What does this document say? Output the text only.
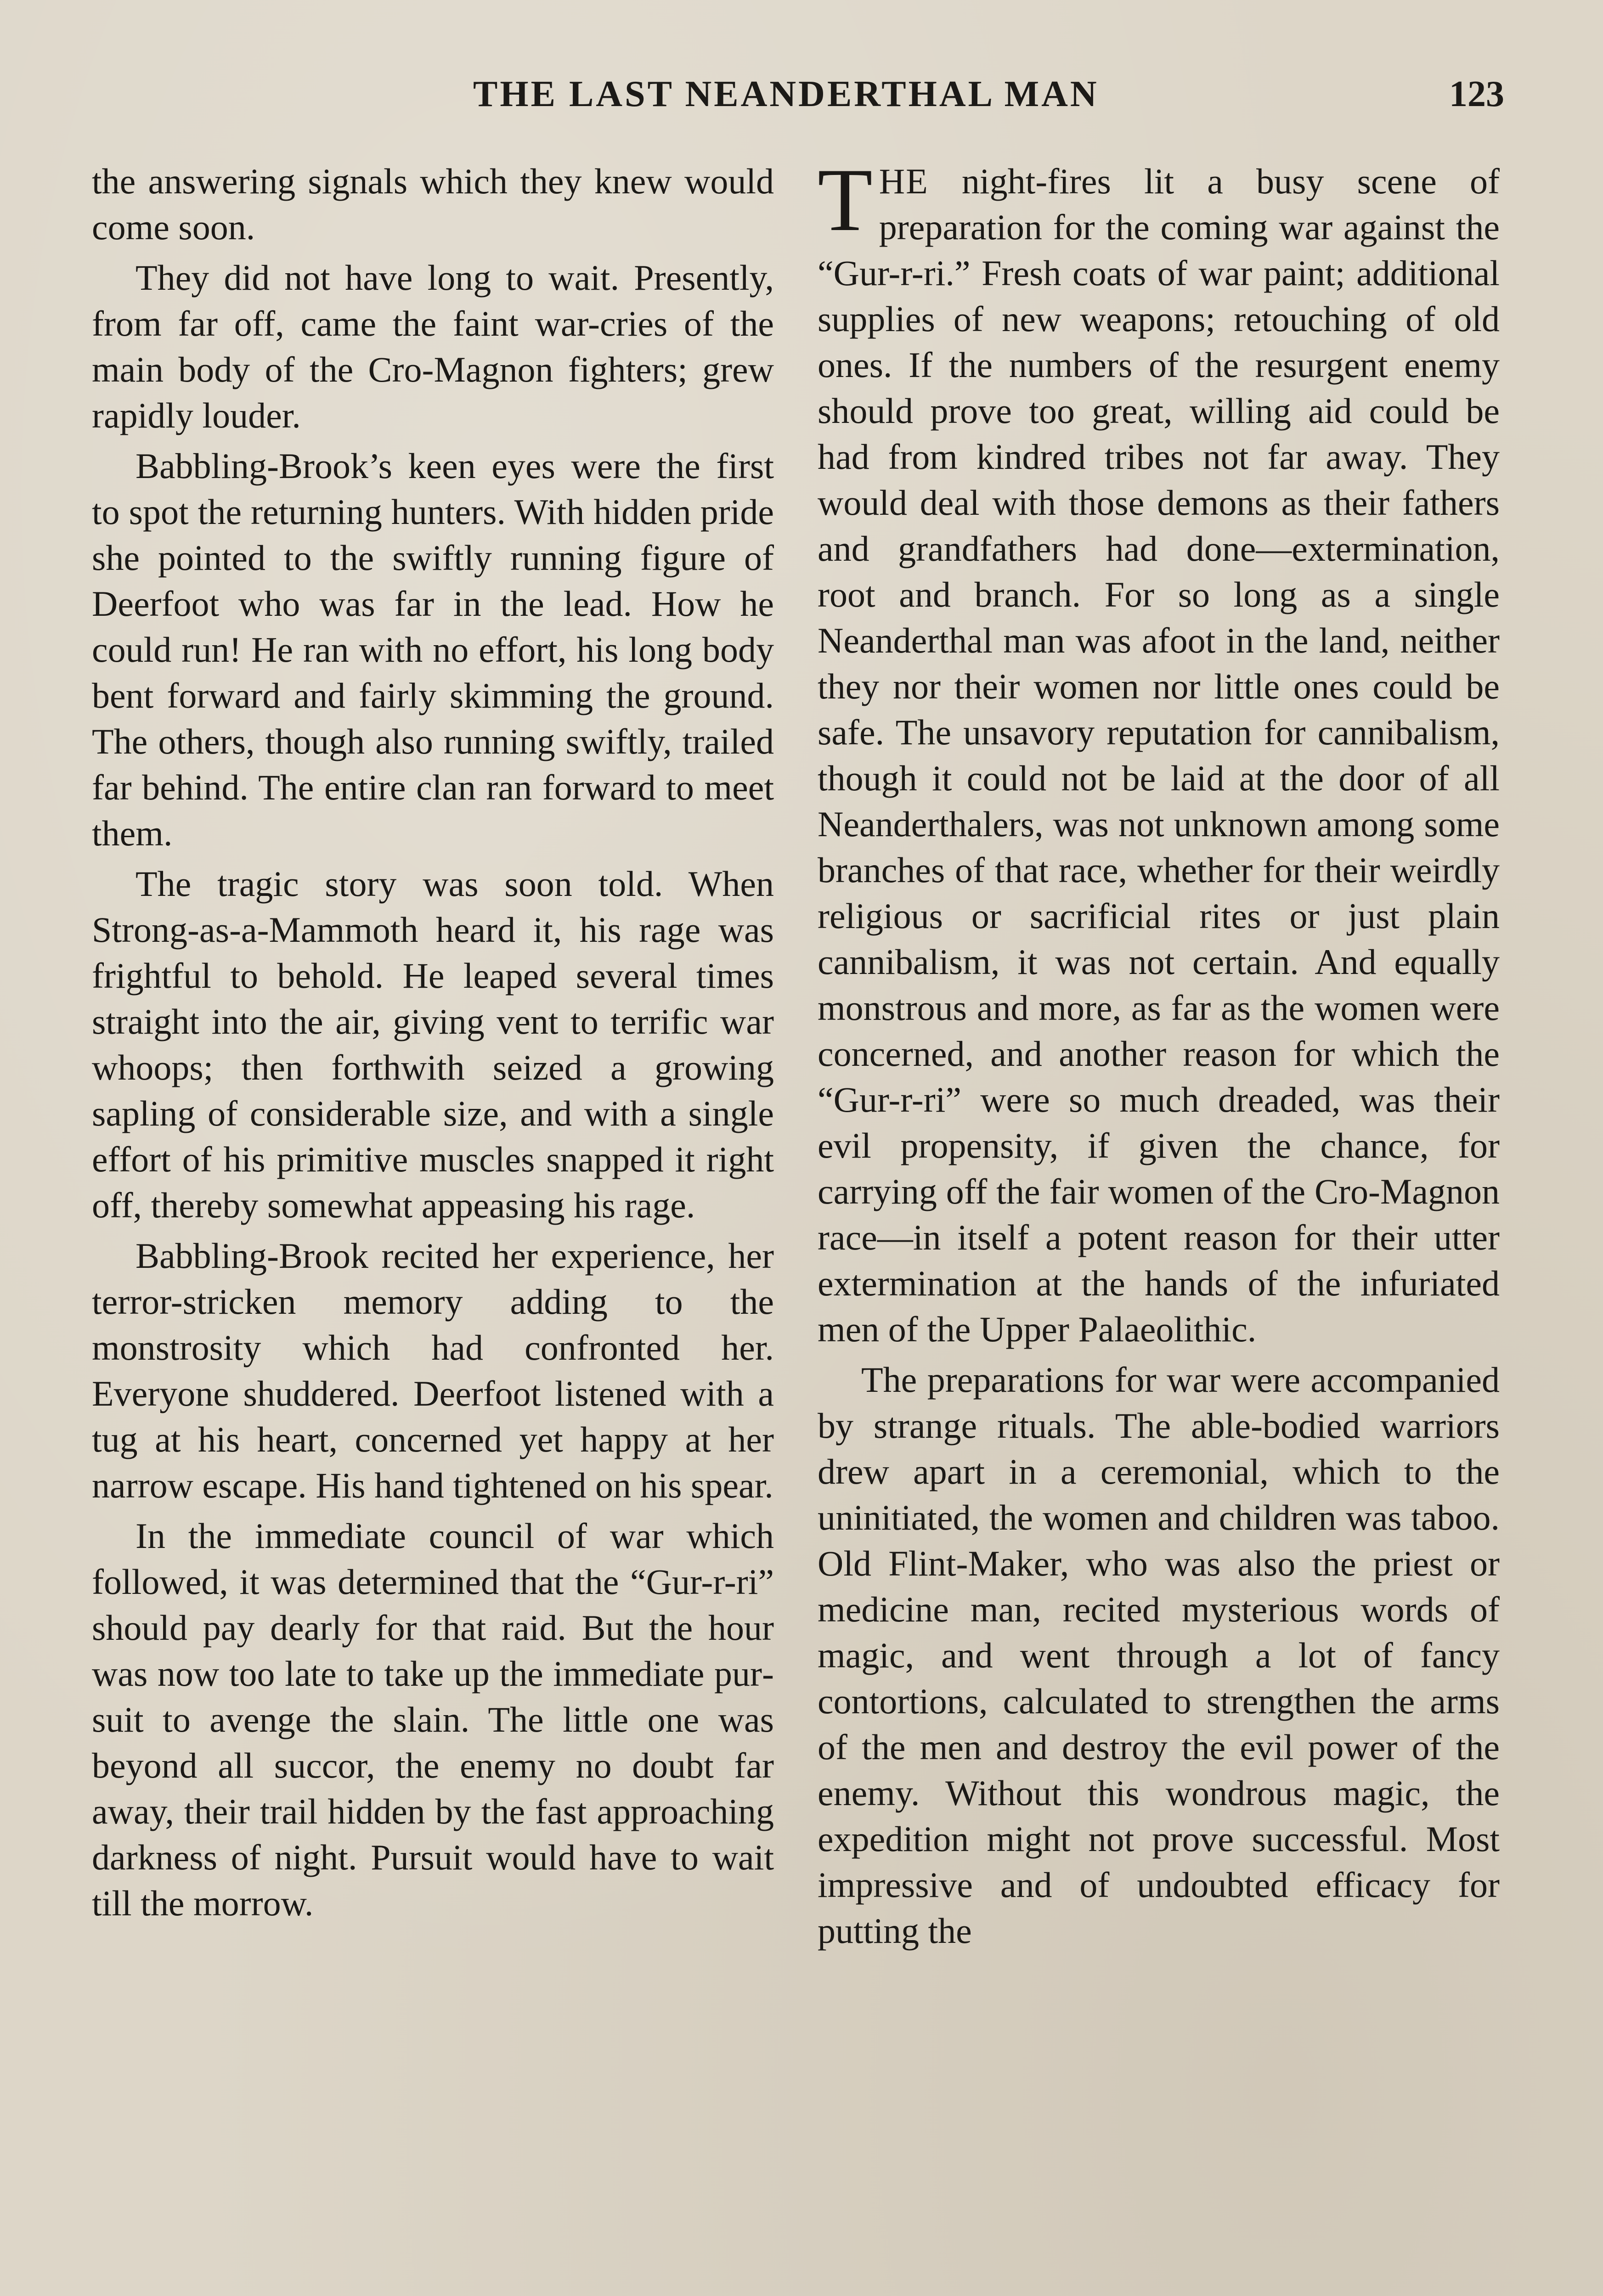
THE LAST NEANDERTHAL MAN	123

the answering signals which they knew would come soon.

They did not have long to wait. Presently, from far off, came the faint war-cries of the main body of the Cro-Magnon fighters; grew rapidly louder.

Babbling-Brook’s keen eyes were the first to spot the returning hunters. With hidden pride she pointed to the swiftly running figure of Deerfoot who was far in the lead. How he could run! He ran with no effort, his long body bent forward and fairly skimming the ground. The others, though also running swiftly, trailed far behind. The entire clan ran forward to meet them.

The tragic story was soon told. When Strong-as-a-Mammoth heard it, his rage was frightful to behold. He leaped several times straight into the air, giving vent to terrific war whoops; then forthwith seized a growing sapling of considerable size, and with a single effort of his primitive muscles snapped it right off, thereby somewhat appeasing his rage.

Babbling-Brook recited her experience, her terror-stricken memory adding to the monstrosity which had confronted her. Everyone shuddered. Deerfoot listened with a tug at his heart, concerned yet happy at her narrow escape. His hand tightened on his spear.

In the immediate council of war which followed, it was determined that the “Gur-r-ri” should pay dearly for that raid. But the hour was now too late to take up the immediate pursuit to avenge the slain. The little one was beyond all succor, the enemy no doubt far away, their trail hidden by the fast approaching darkness of night. Pursuit would have to wait till the morrow.

THE night-fires lit a busy scene of preparation for the coming war against the “Gur-r-ri.” Fresh coats of war paint; additional supplies of new weapons; retouching of old ones. If the numbers of the resurgent enemy should prove too great, willing aid could be had from kindred tribes not far away. They would deal with those demons as their fathers and grandfathers had done—extermination, root and branch. For so long as a single Neanderthal man was afoot in the land, neither they nor their women nor little ones could be safe. The unsavory reputation for cannibalism, though it could not be laid at the door of all Neanderthalers, was not unknown among some branches of that race, whether for their weirdly religious or sacrificial rites or just plain cannibalism, it was not certain. And equally monstrous and more, as far as the women were concerned, and another reason for which the “Gur-r-ri” were so much dreaded, was their evil propensity, if given the chance, for carrying off the fair women of the Cro-Magnon race—in itself a potent reason for their utter extermination at the hands of the infuriated men of the Upper Palaeolithic.

The preparations for war were accompanied by strange rituals. The able-bodied warriors drew apart in a ceremonial, which to the uninitiated, the women and children was taboo. Old Flint-Maker, who was also the priest or medicine man, recited mysterious words of magic, and went through a lot of fancy contortions, calculated to strengthen the arms of the men and destroy the evil power of the enemy. Without this wondrous magic, the expedition might not prove successful. Most impressive and of undoubted efficacy for putting the
